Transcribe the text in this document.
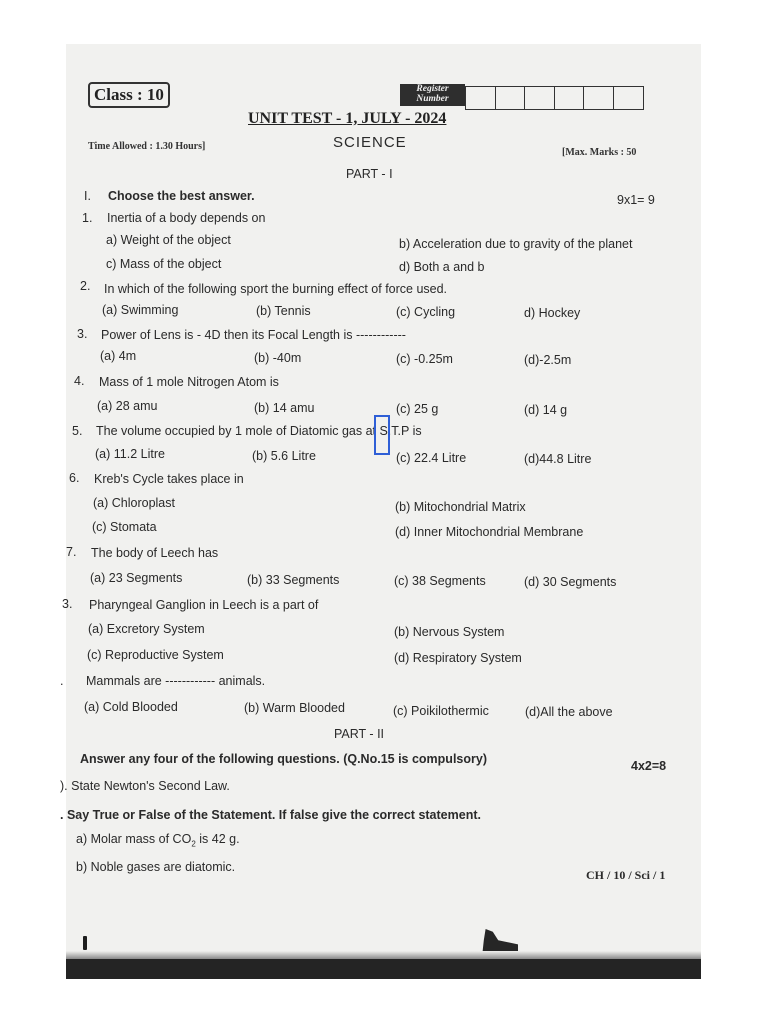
Class : 10	Register
Number
UNIT TEST - 1, JULY - 2024
SCIENCE
Time Allowed : 1.30 Hours]
[Max. Marks : 50
PART - I
I. Choose the best answer.	9x1= 9
1. Inertia of a body depends on
a) Weight of the object	b) Acceleration due to gravity of the planet
c) Mass of the object	d) Both a and b
2. In which of the following sport the burning effect of force used.
(a) Swimming	(b) Tennis	(c) Cycling	d) Hockey
3. Power of Lens is - 4D then its Focal Length is ------------
(a) 4m	(b) -40m	(c) -0.25m	(d)-2.5m
4. Mass of 1 mole Nitrogen Atom is
(a) 28 amu	(b) 14 amu	(c) 25 g	(d) 14 g
5. The volume occupied by 1 mole of Diatomic gas at S.T.P is
(a) 11.2 Litre	(b) 5.6 Litre	(c) 22.4 Litre	(d)44.8 Litre
6. Kreb's Cycle takes place in
(a) Chloroplast	(b) Mitochondrial Matrix
(c) Stomata	(d) Inner Mitochondrial Membrane
7. The body of Leech has
(a) 23 Segments	(b) 33 Segments	(c) 38 Segments	(d) 30 Segments
3. Pharyngeal Ganglion in Leech is a part of
(a) Excretory System	(b) Nervous System
(c) Reproductive System	(d) Respiratory System
. Mammals are ------------ animals.
(a) Cold Blooded	(b) Warm Blooded	(c) Poikilothermic	(d)All the above
PART - II
Answer any four of the following questions. (Q.No.15 is compulsory)	4x2=8
). State Newton's Second Law.
. Say True or False of the Statement. If false give the correct statement.
a) Molar mass of $CO_2$ is 42 g.
b) Noble gases are diatomic.
CH / 10 / Sci / 1
